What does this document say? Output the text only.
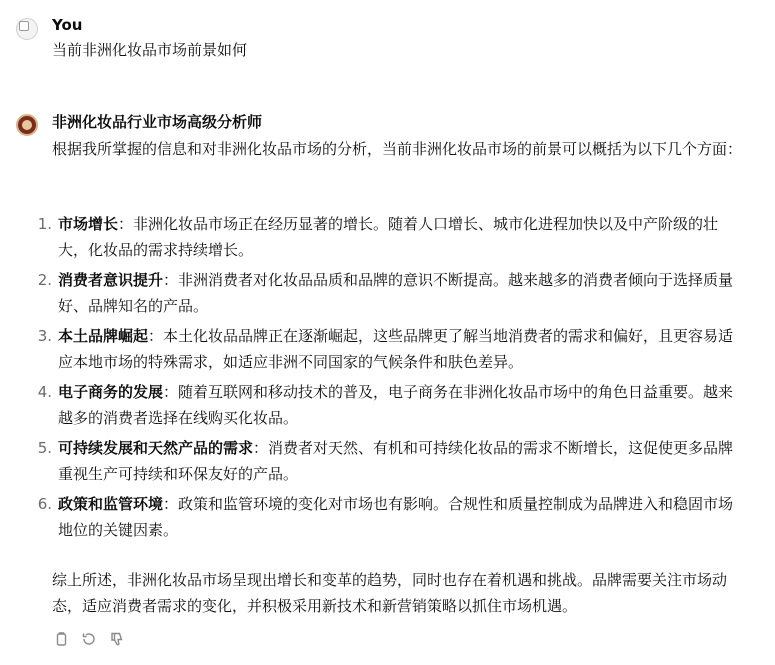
You
当前非洲化妆品市场前景如何
非洲化妆品行业市场高级分析师
根据我所掌握的信息和对非洲化妆品市场的分析，当前非洲化妆品市场的前景可以概括为以下几个方面：
1. 市场增长：非洲化妆品市场正在经历显著的增长。随着人口增长、城市化进程加快以及中产阶级的壮大，化妆品的需求持续增长。
2. 消费者意识提升：非洲消费者对化妆品品质和品牌的意识不断提高。越来越多的消费者倾向于选择质量好、品牌知名的产品。
3. 本土品牌崛起：本土化妆品品牌正在逐渐崛起，这些品牌更了解当地消费者的需求和偏好，且更容易适应本地市场的特殊需求，如适应非洲不同国家的气候条件和肤色差异。
4. 电子商务的发展：随着互联网和移动技术的普及，电子商务在非洲化妆品市场中的角色日益重要。越来越多的消费者选择在线购买化妆品。
5. 可持续发展和天然产品的需求：消费者对天然、有机和可持续化妆品的需求不断增长，这促使更多品牌重视生产可持续和环保友好的产品。
6. 政策和监管环境：政策和监管环境的变化对市场也有影响。合规性和质量控制成为品牌进入和稳固市场地位的关键因素。
综上所述，非洲化妆品市场呈现出增长和变革的趋势，同时也存在着机遇和挑战。品牌需要关注市场动态，适应消费者需求的变化，并积极采用新技术和新营销策略以抓住市场机遇。
